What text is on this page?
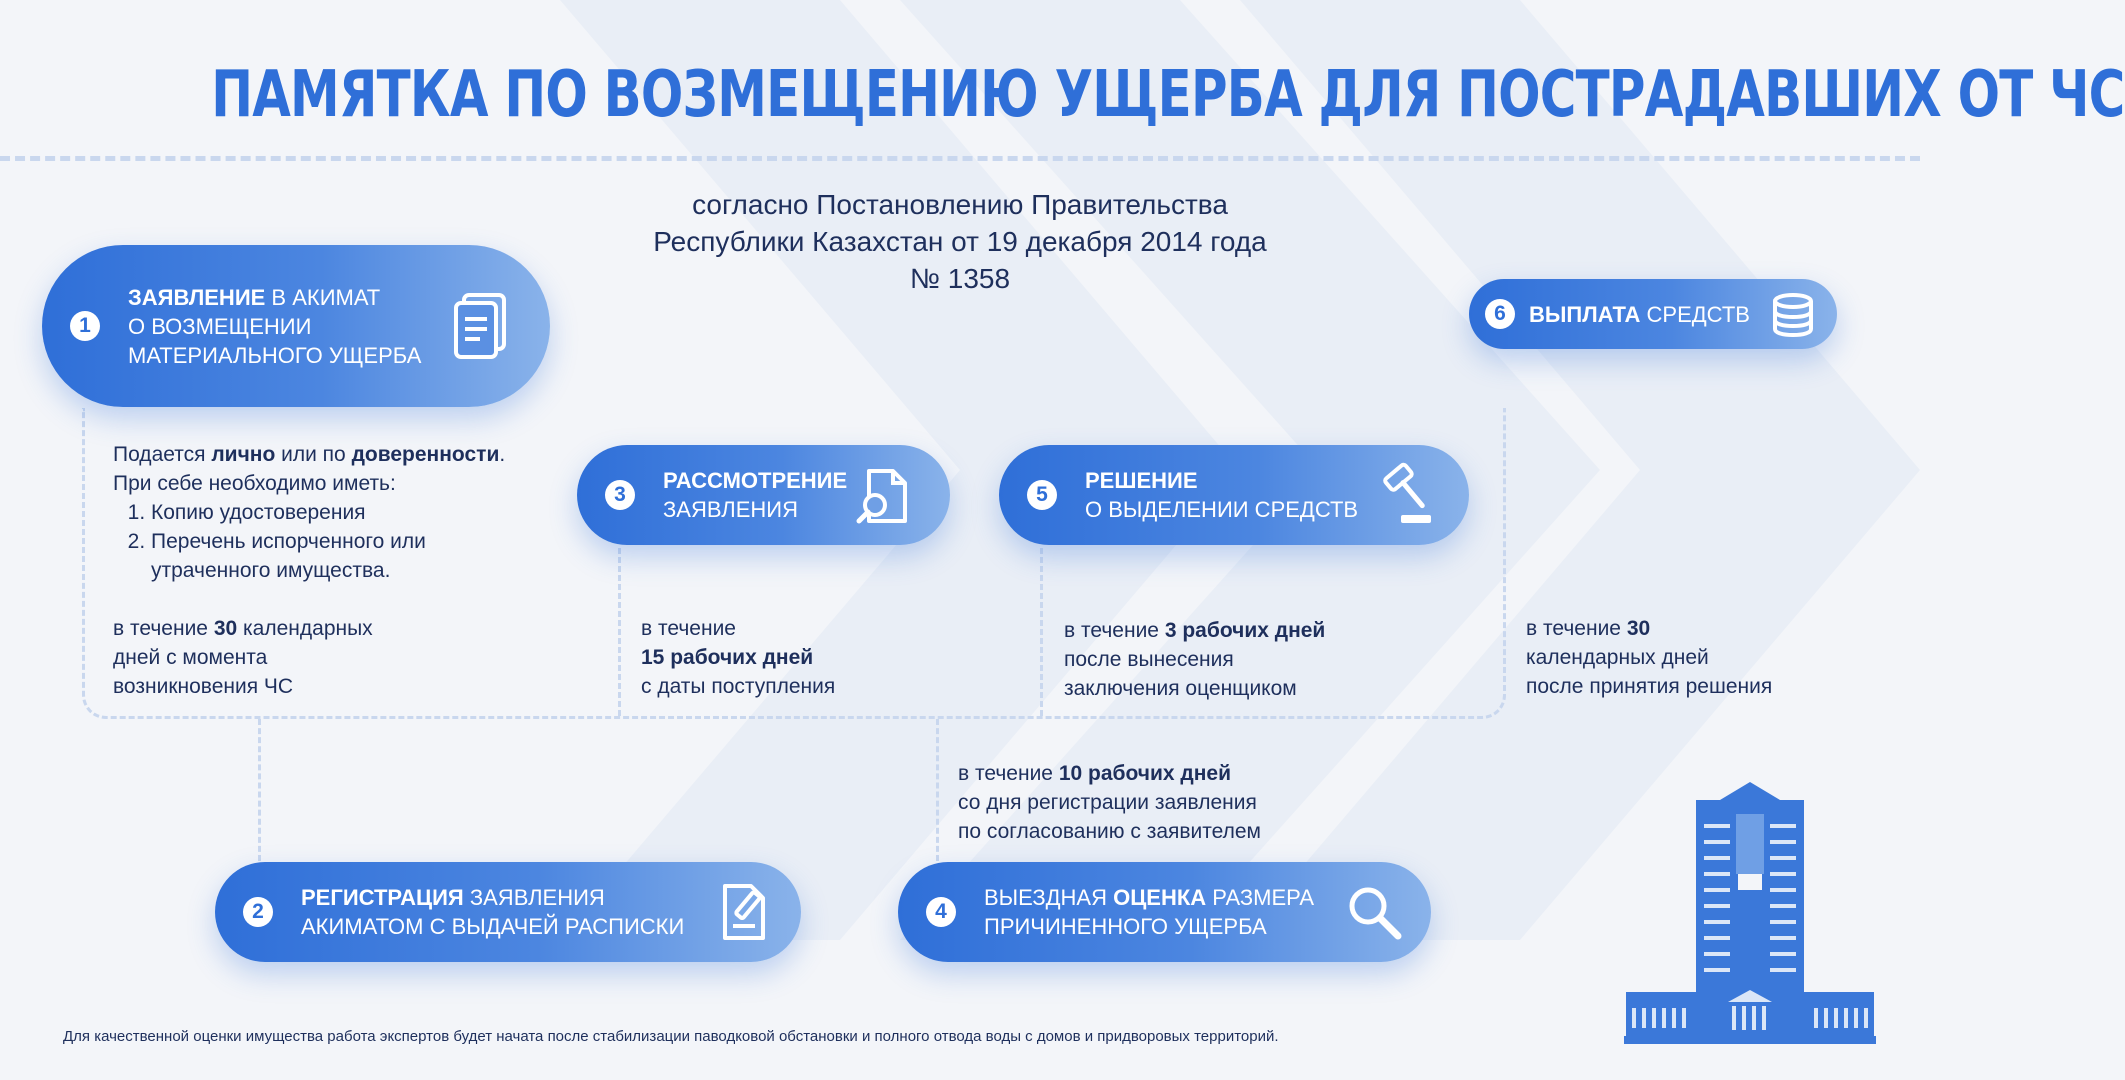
ПАМЯТКА ПО ВОЗМЕЩЕНИЮ УЩЕРБА ДЛЯ ПОСТРАДАВШИХ ОТ ЧС
согласно Постановлению Правительства
Республики Казахстан от 19 декабря 2014 года
№ 1358
1
ЗАЯВЛЕНИЕ В АКИМАТ
О ВОЗМЕЩЕНИИ
МАТЕРИАЛЬНОГО УЩЕРБА
Подается лично или по доверенности.
При себе необходимо иметь:
1. Копию удостоверения
2. Перечень испорченного или утраченного имущества.
в течение 30 календарных
дней с момента
возникновения ЧС
3
РАССМОТРЕНИЕ
ЗАЯВЛЕНИЯ
в течение
15 рабочих дней
с даты поступления
5
РЕШЕНИЕ
О ВЫДЕЛЕНИИ СРЕДСТВ
в течение 3 рабочих дней
после вынесения
заключения оценщиком
6	ВЫПЛАТА СРЕДСТВ
в течение 30
календарных дней
после принятия решения
в течение 10 рабочих дней
со дня регистрации заявления
по согласованию с заявителем
2
РЕГИСТРАЦИЯ ЗАЯВЛЕНИЯ
АКИМАТОМ С ВЫДАЧЕЙ РАСПИСКИ
4
ВЫЕЗДНАЯ ОЦЕНКА РАЗМЕРА
ПРИЧИНЕННОГО УЩЕРБА
Для качественной оценки имущества работа экспертов будет начата после стабилизации паводковой обстановки и полного отвода воды с домов и придворовых территорий.
